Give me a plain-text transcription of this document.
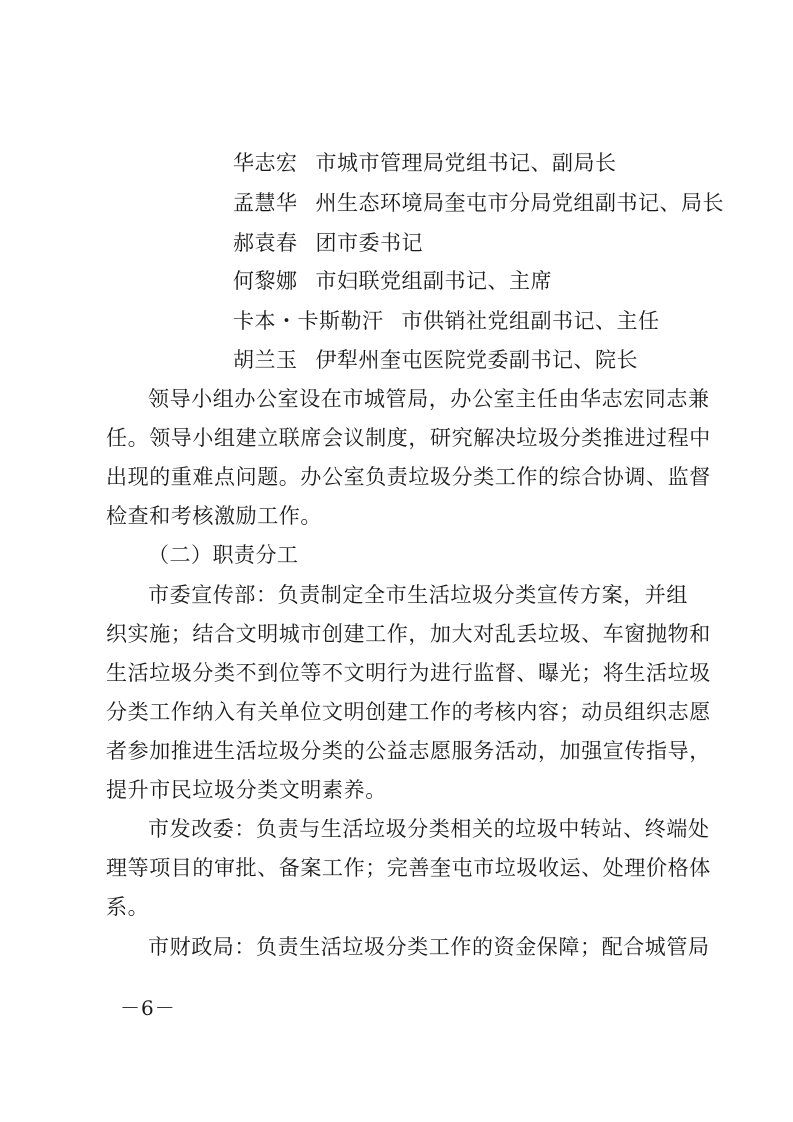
华志宏 市城市管理局党组书记、副局长
孟慧华 州生态环境局奎屯市分局党组副书记、局长
郝袁春 团市委书记
何黎娜 市妇联党组副书记、主席
卡本・卡斯勒汗 市供销社党组副书记、主任
胡兰玉 伊犁州奎屯医院党委副书记、院长
领导小组办公室设在市城管局，办公室主任由华志宏同志兼
任。领导小组建立联席会议制度，研究解决垃圾分类推进过程中
出现的重难点问题。办公室负责垃圾分类工作的综合协调、监督
检查和考核激励工作。
（二）职责分工
市委宣传部：负责制定全市生活垃圾分类宣传方案，并组
织实施；结合文明城市创建工作，加大对乱丢垃圾、车窗抛物和
生活垃圾分类不到位等不文明行为进行监督、曝光；将生活垃圾
分类工作纳入有关单位文明创建工作的考核内容；动员组织志愿
者参加推进生活垃圾分类的公益志愿服务活动，加强宣传指导，
提升市民垃圾分类文明素养。
市发改委：负责与生活垃圾分类相关的垃圾中转站、终端处
理等项目的审批、备案工作；完善奎屯市垃圾收运、处理价格体
系。
市财政局：负责生活垃圾分类工作的资金保障；配合城管局
－6－
